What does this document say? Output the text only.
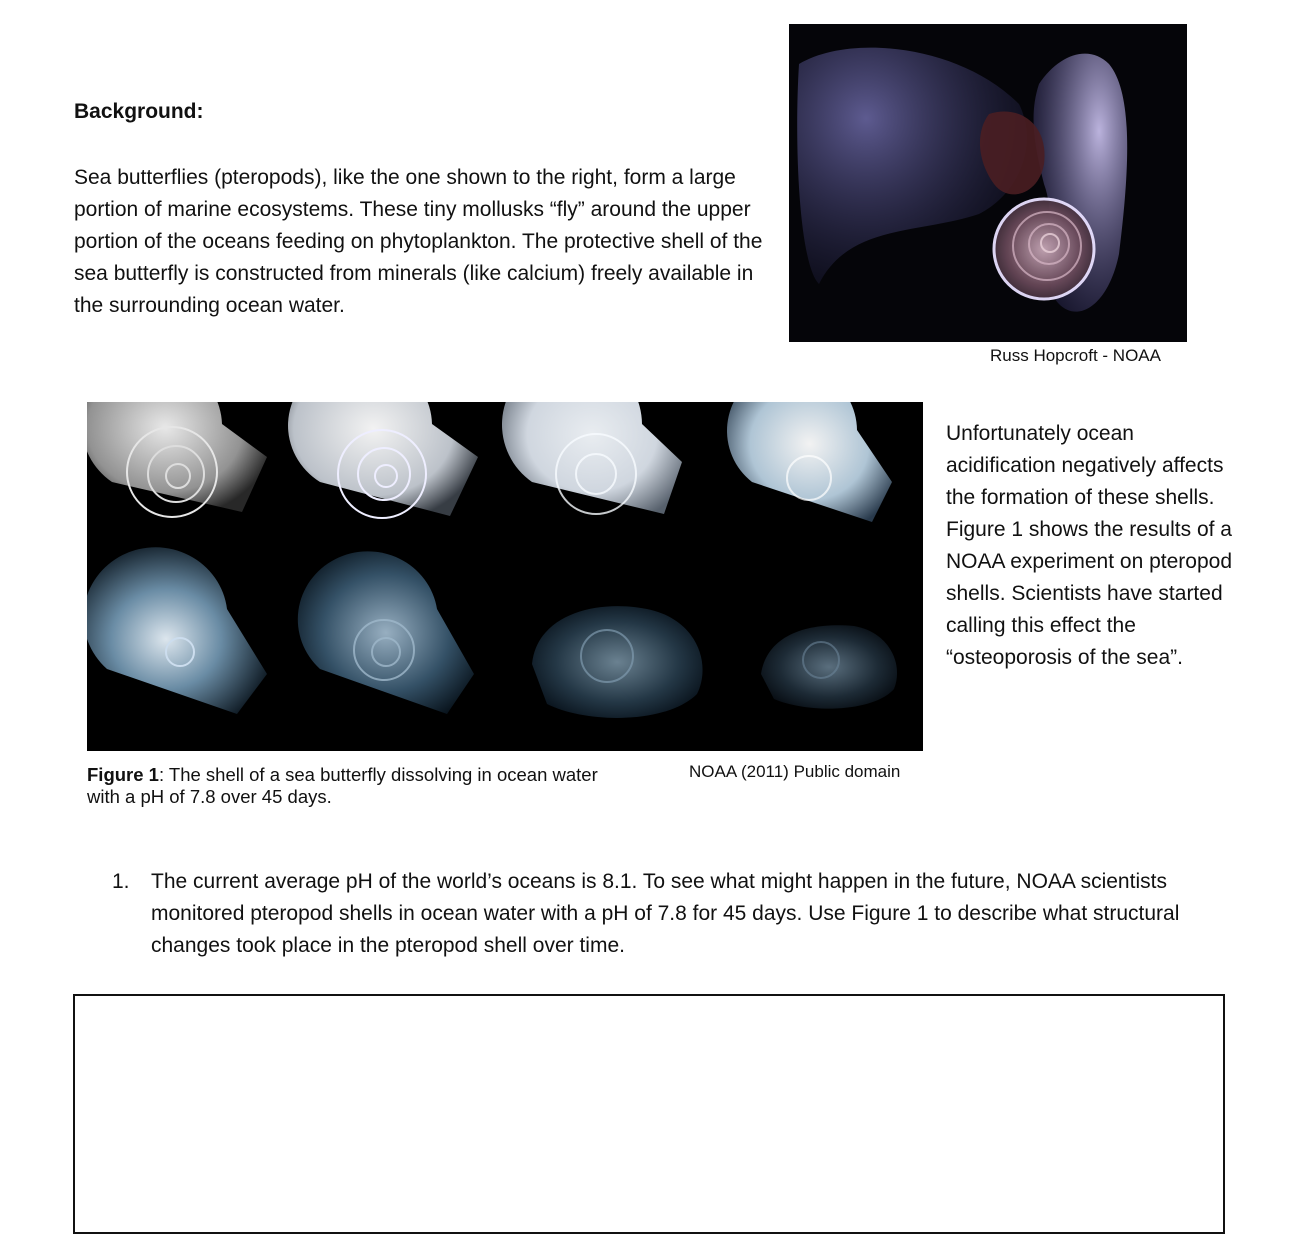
Background:
Sea butterflies (pteropods), like the one shown to the right, form a large portion of marine ecosystems. These tiny mollusks “fly” around the upper portion of the oceans feeding on phytoplankton. The protective shell of the sea butterfly is constructed from minerals (like calcium) freely available in the surrounding ocean water.
Russ Hopcroft - NOAA
Figure 1: The shell of a sea butterfly dissolving in ocean water with a pH of 7.8 over 45 days.
NOAA (2011) Public domain
Unfortunately ocean acidification negatively affects the formation of these shells. Figure 1 shows the results of a NOAA experiment on pteropod shells. Scientists have started calling this effect the “osteoporosis of the sea”.
1. The current average pH of the world’s oceans is 8.1. To see what might happen in the future, NOAA scientists monitored pteropod shells in ocean water with a pH of 7.8 for 45 days. Use Figure 1 to describe what structural changes took place in the pteropod shell over time.
